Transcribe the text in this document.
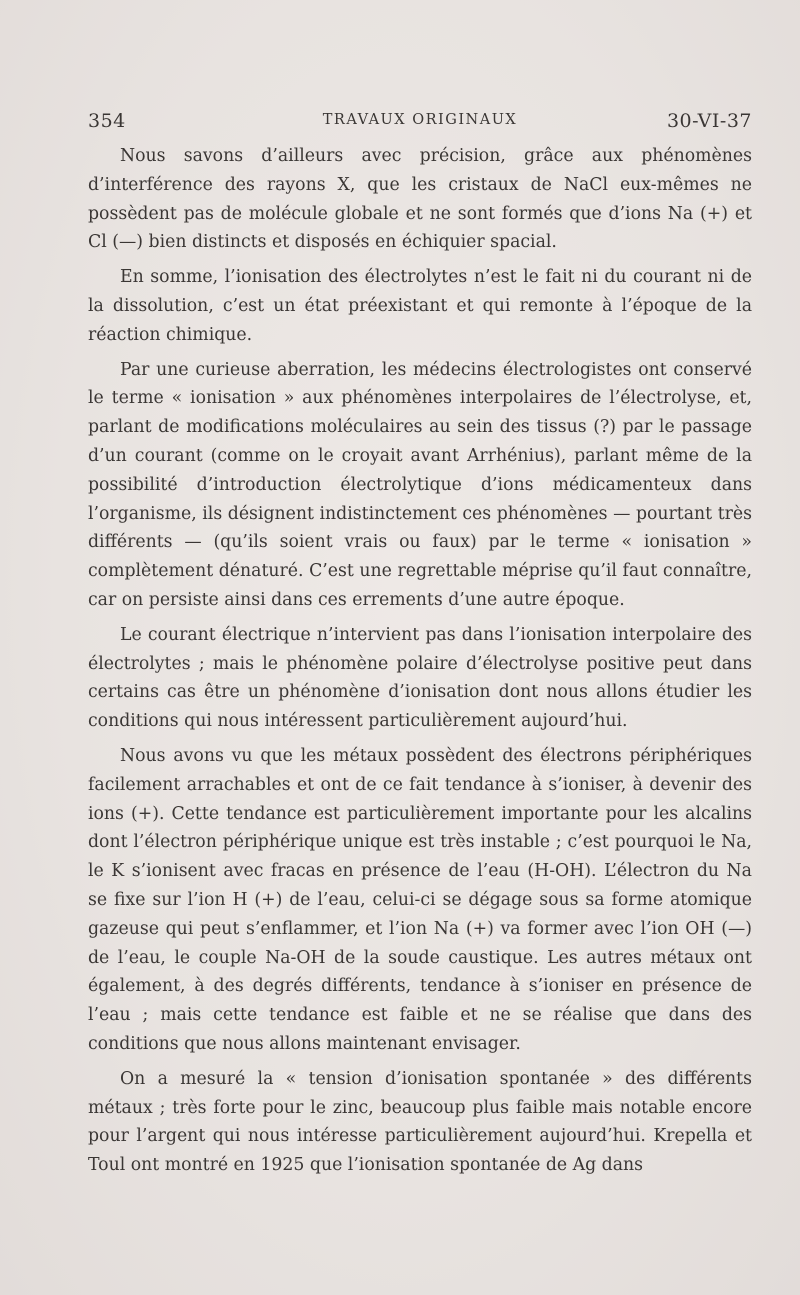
354	TRAVAUX ORIGINAUX	30-VI-37

Nous savons d’ailleurs avec précision, grâce aux phénomènes d’interférence des rayons X, que les cristaux de NaCl eux-mêmes ne possèdent pas de molécule globale et ne sont formés que d’ions Na (+) et Cl (—) bien distincts et disposés en échiquier spacial.

En somme, l’ionisation des électrolytes n’est le fait ni du courant ni de la dissolution, c’est un état préexistant et qui remonte à l’époque de la réaction chimique.

Par une curieuse aberration, les médecins électrologistes ont conservé le terme « ionisation » aux phénomènes interpolaires de l’électrolyse, et, parlant de modifications moléculaires au sein des tissus (?) par le passage d’un courant (comme on le croyait avant Arrhénius), parlant même de la possibilité d’introduction électrolytique d’ions médicamenteux dans l’organisme, ils désignent indistinctement ces phénomènes — pourtant très différents — (qu’ils soient vrais ou faux) par le terme « ionisation » complètement dénaturé. C’est une regrettable méprise qu’il faut connaître, car on persiste ainsi dans ces errements d’une autre époque.

Le courant électrique n’intervient pas dans l’ionisation interpolaire des électrolytes ; mais le phénomène polaire d’électrolyse positive peut dans certains cas être un phénomène d’ionisation dont nous allons étudier les conditions qui nous intéressent particulièrement aujourd’hui.

Nous avons vu que les métaux possèdent des électrons périphériques facilement arrachables et ont de ce fait tendance à s’ioniser, à devenir des ions (+). Cette tendance est particulièrement importante pour les alcalins dont l’électron périphérique unique est très instable ; c’est pourquoi le Na, le K s’ionisent avec fracas en présence de l’eau (H-OH). L’électron du Na se fixe sur l’ion H (+) de l’eau, celui-ci se dégage sous sa forme atomique gazeuse qui peut s’enflammer, et l’ion Na (+) va former avec l’ion OH (—) de l’eau, le couple Na-OH de la soude caustique. Les autres métaux ont également, à des degrés différents, tendance à s’ioniser en présence de l’eau ; mais cette tendance est faible et ne se réalise que dans des conditions que nous allons maintenant envisager.

On a mesuré la « tension d’ionisation spontanée » des différents métaux ; très forte pour le zinc, beaucoup plus faible mais notable encore pour l’argent qui nous intéresse particulièrement aujourd’hui. Krepella et Toul ont montré en 1925 que l’ionisation spontanée de Ag dans
